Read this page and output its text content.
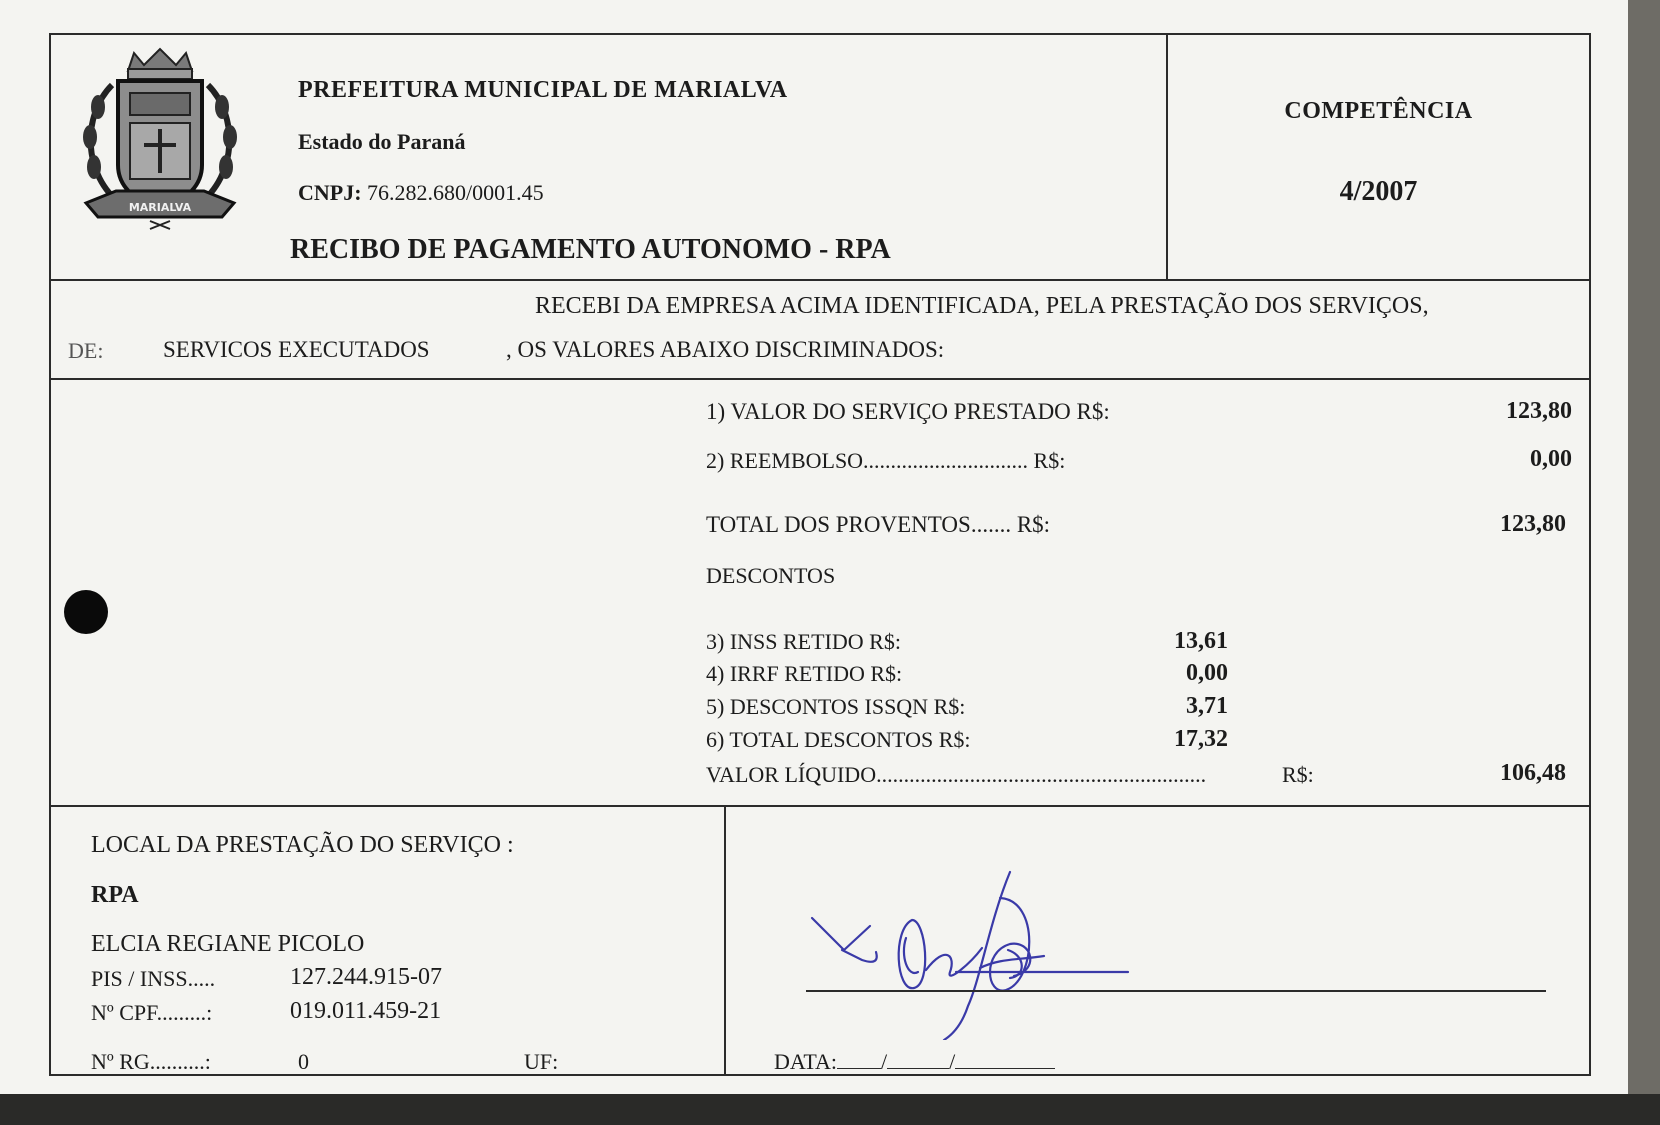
MARIALVA
PREFEITURA MUNICIPAL DE MARIALVA
Estado do Paraná
CNPJ: 76.282.680/0001.45
RECIBO DE PAGAMENTO AUTONOMO - RPA
COMPETÊNCIA
4/2007
RECEBI DA EMPRESA ACIMA IDENTIFICADA, PELA PRESTAÇÃO DOS SERVIÇOS,
DE:	SERVICOS EXECUTADOS	, OS VALORES ABAIXO DISCRIMINADOS:
1) VALOR DO SERVIÇO PRESTADO R$:	123,80
2) REEMBOLSO.............................. R$:	0,00
TOTAL DOS PROVENTOS....... R$:	123,80
DESCONTOS
3) INSS RETIDO R$:	13,61
4) IRRF RETIDO R$:	0,00
5) DESCONTOS ISSQN R$:	3,71
6) TOTAL DESCONTOS R$:	17,32
VALOR LÍQUIDO............................................................	R$:	106,48
LOCAL DA PRESTAÇÃO DO SERVIÇO :
RPA
ELCIA REGIANE PICOLO
PIS / INSS.....	127.244.915-07
Nº CPF.........:	019.011.459-21
Nº RG..........:	0	UF:	DATA: /	/
